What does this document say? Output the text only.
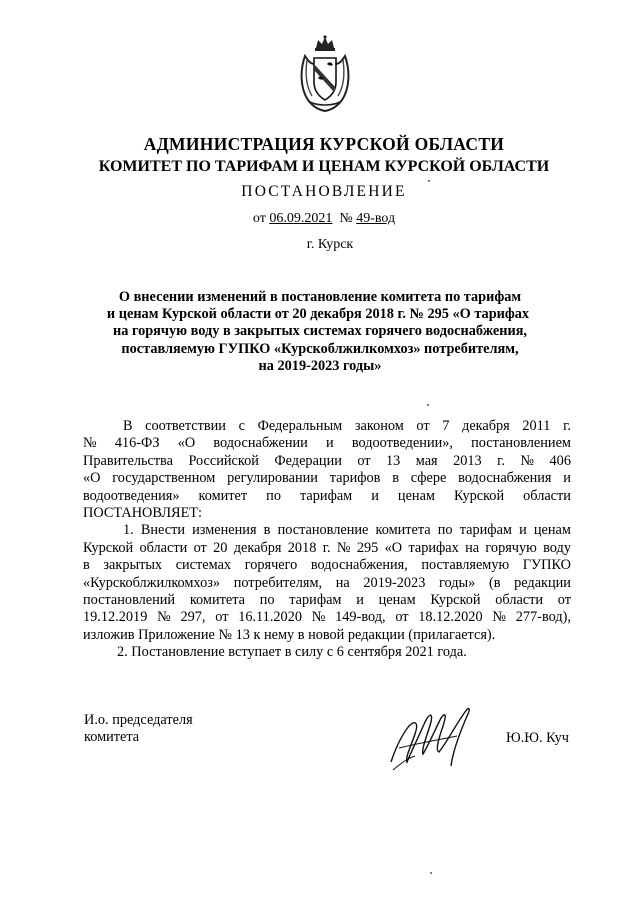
АДМИНИСТРАЦИЯ КУРСКОЙ ОБЛАСТИ
КОМИТЕТ ПО ТАРИФАМ И ЦЕНАМ КУРСКОЙ ОБЛАСТИ
ПОСТАНОВЛЕНИЕ
от 06.09.2021 № 49-вод
г. Курск
О внесении изменений в постановление комитета по тарифам
и цен​ам Курской области от 20 декабря 2018 г. № 295 «О тарифах
на горячую воду в закрытых системах горячего водоснабжения,
поставляемую ГУПКО «Курскоблжилкомхоз» потребителям,
на 2019-2023 годы»
В соответствии с Федеральным законом от 7 декабря 2011 г.
№ 416-ФЗ «О водоснабжении и водоотведении», постановлением
Правительства Российской Федерации от 13 мая 2013 г. № 406
«О государственном регулировании тарифов в сфере водоснабжения и
водоотведения» комитет по тарифам и ценам Курской области
ПОСТАНОВЛЯЕТ:
1. Внести изменения в постановление комитета по тарифам и ценам
Курской области от 20 декабря 2018 г. № 295 «О тарифах на горячую воду
в закрытых системах горячего водоснабжения, поставляемую ГУПКО
«Курскоблжилкомхоз» потребителям, на 2019-2023 годы» (в редакции
постановлений комитета по тарифам и ценам Курской области от
19.12.2019 № 297, от 16.11.2020 № 149-вод, от 18.12.2020 № 277-вод),
изложив Приложение № 13 к нему в новой редакции (прилагается).
2. Постановление вступает в силу с 6 сентября 2021 года.
И.о. председателя
комитета	Ю.Ю. Куч
